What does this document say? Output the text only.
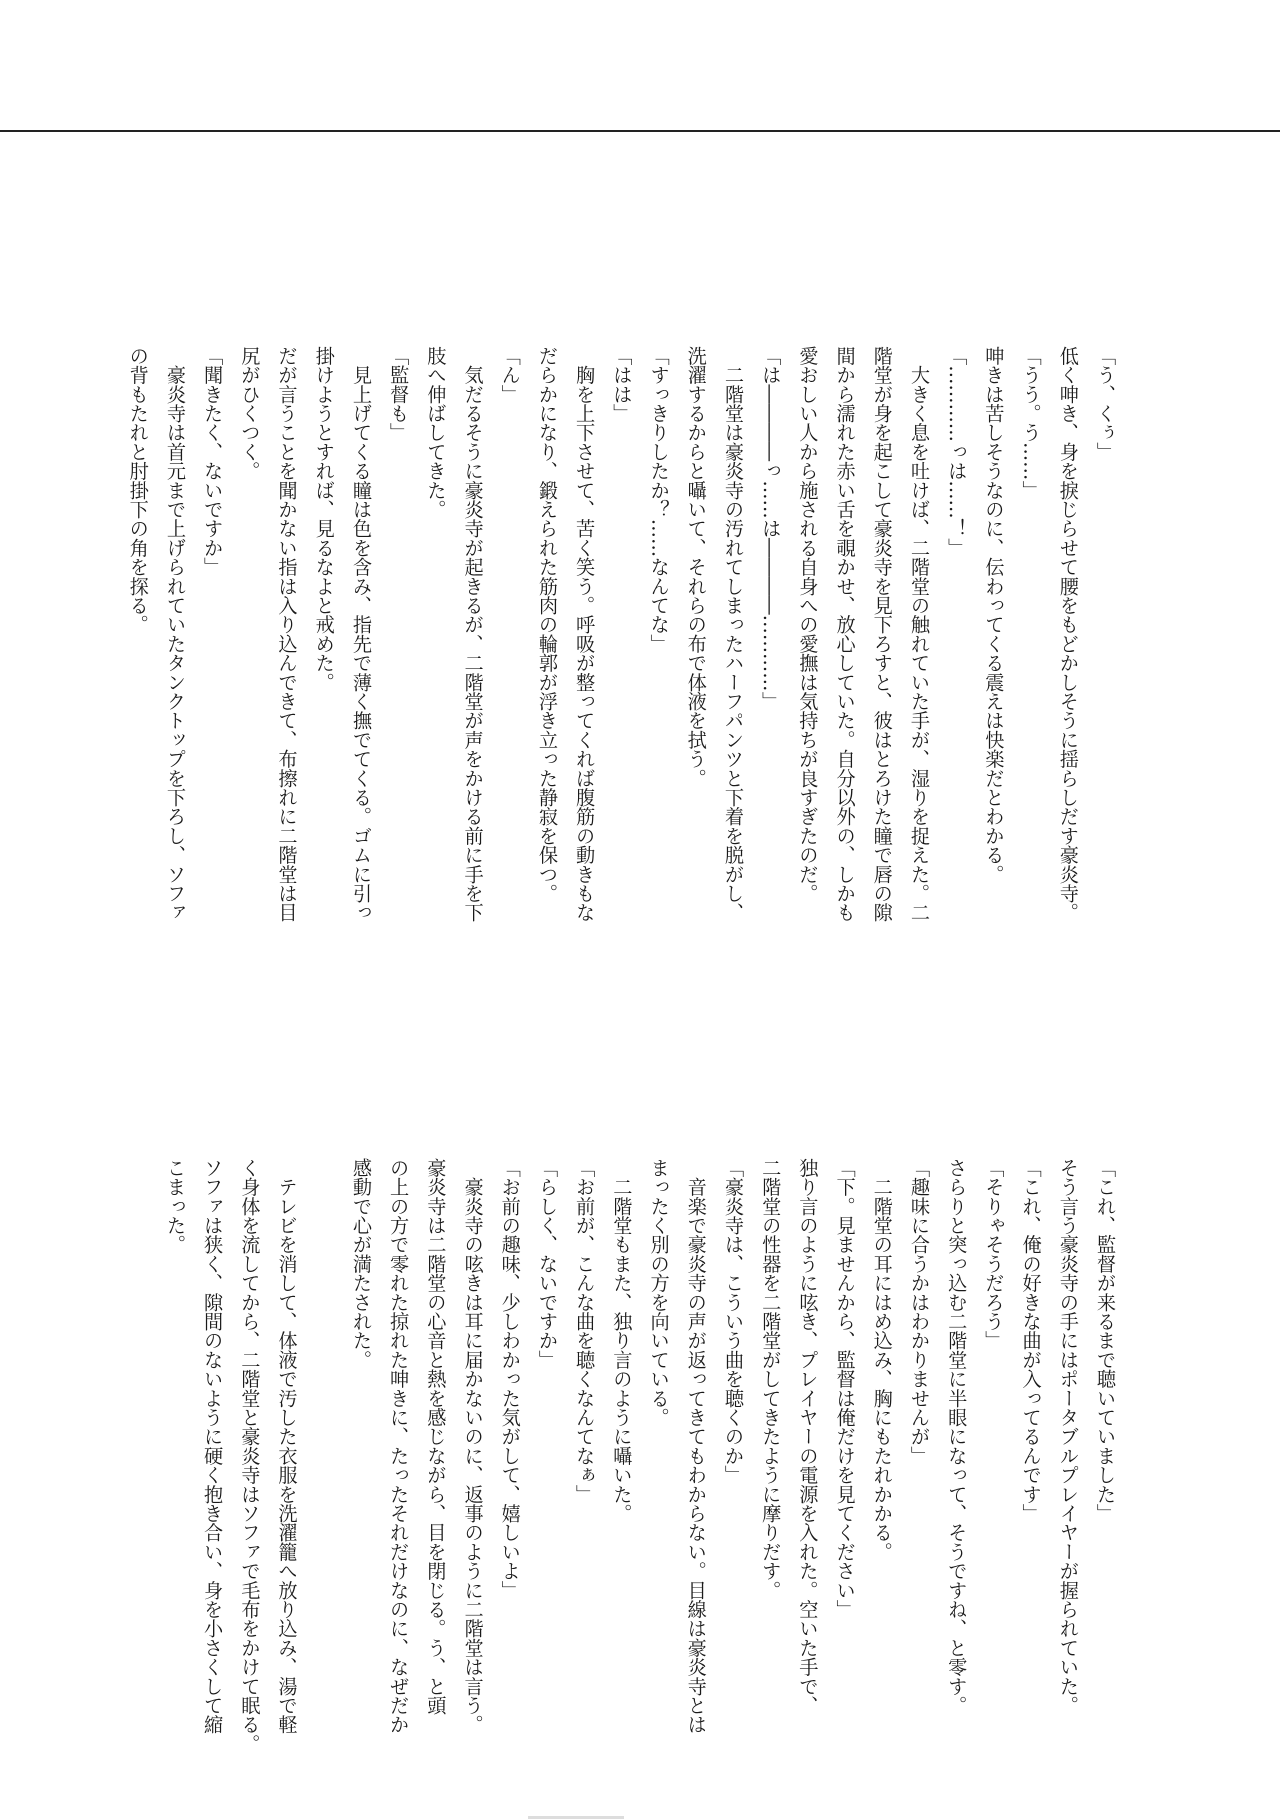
「う、くぅ」
低く呻き、身を捩じらせて腰をもどかしそうに揺らしだす豪炎寺。
「うう。う……」
呻きは苦しそうなのに、伝わってくる震えは快楽だとわかる。
「…………っは……！」
　大きく息を吐けば、二階堂の触れていた手が、湿りを捉えた。二
階堂が身を起こして豪炎寺を見下ろすと、彼はとろけた瞳で唇の隙
間から濡れた赤い舌を覗かせ、放心していた。自分以外の、しかも
愛おしい人から施される自身への愛撫は気持ちが良すぎたのだ。
「は――――っ……は――――…………」
　二階堂は豪炎寺の汚れてしまったハーフパンツと下着を脱がし、
洗濯するからと囁いて、それらの布で体液を拭う。
「すっきりしたか？……なんてな」
「はは」
　胸を上下させて、苦く笑う。呼吸が整ってくれば腹筋の動きもな
だらかになり、鍛えられた筋肉の輪郭が浮き立った静寂を保つ。
「ん」
　気だるそうに豪炎寺が起きるが、二階堂が声をかける前に手を下
肢へ伸ばしてきた。
「監督も」
　見上げてくる瞳は色を含み、指先で薄く撫でてくる。ゴムに引っ
掛けようとすれば、見るなよと戒めた。
だが言うことを聞かない指は入り込んできて、布擦れに二階堂は目
尻がひくつく。
「聞きたく、ないですか」
　豪炎寺は首元まで上げられていたタンクトップを下ろし、ソファ
の背もたれと肘掛下の角を探る。
「これ、監督が来るまで聴いていました」
そう言う豪炎寺の手にはポータブルプレイヤーが握られていた。
「これ、俺の好きな曲が入ってるんです」
「そりゃそうだろう」
さらりと突っ込む二階堂に半眼になって、そうですね、と零す。
「趣味に合うかはわかりませんが」
　二階堂の耳にはめ込み、胸にもたれかかる。
「下。見ませんから、監督は俺だけを見てください」
独り言のように呟き、プレイヤーの電源を入れた。空いた手で、
二階堂の性器を二階堂がしてきたように摩りだす。
「豪炎寺は、こういう曲を聴くのか」
　音楽で豪炎寺の声が返ってきてもわからない。目線は豪炎寺とは
まったく別の方を向いている。
　二階堂もまた、独り言のように囁いた。
「お前が、こんな曲を聴くなんてなぁ」
「らしく、ないですか」
「お前の趣味、少しわかった気がして、嬉しいよ」
　豪炎寺の呟きは耳に届かないのに、返事のように二階堂は言う。
豪炎寺は二階堂の心音と熱を感じながら、目を閉じる。う、と頭
の上の方で零れた掠れた呻きに、たったそれだけなのに、なぜだか
感動で心が満たされた。

　テレビを消して、体液で汚した衣服を洗濯籠へ放り込み、湯で軽
く身体を流してから、二階堂と豪炎寺はソファで毛布をかけて眠る。
ソファは狭く、隙間のないように硬く抱き合い、身を小さくして縮
こまった。
